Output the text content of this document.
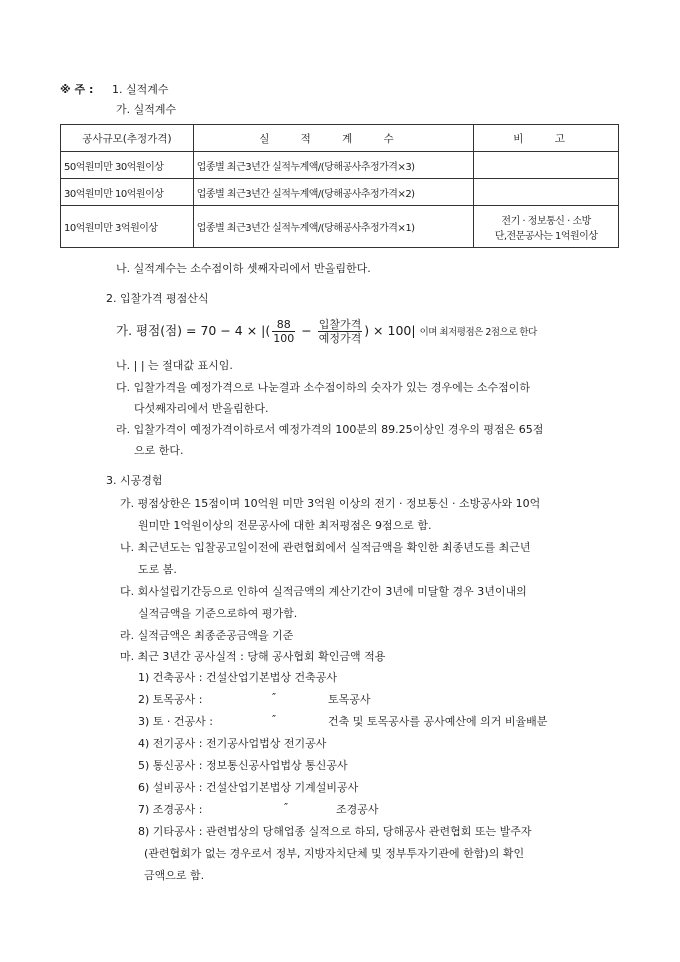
※ 주 : 1. 실적계수
가. 실적계수
공사규모(추정가격)	실 적 계 수	비 고
50억원미만 30억원이상	업종별 최근3년간 실적누계액/(당해공사추정가격×3)	
30억원미만 10억원이상	업종별 최근3년간 실적누계액/(당해공사추정가격×2)	
10억원미만 3억원이상	업종별 최근3년간 실적누계액/(당해공사추정가격×1)	전기 · 정보통신 · 소방
단,전문공사는 1억원이상
나. 실적계수는 소수점이하 셋째자리에서 반올림한다.
2. 입찰가격 평점산식
가. 평점(점) = 70 − 4 × |( $\frac{88}{100} - \frac{\text{입찰가격}}{\text{예정가격}}$ ) × 100| 이며 최저평점은 2점으로 한다
나. | | 는 절대값 표시임.
다. 입찰가격을 예정가격으로 나눈결과 소수점이하의 숫자가 있는 경우에는 소수점이하
다섯째자리에서 반올림한다.
라. 입찰가격이 예정가격이하로서 예정가격의 100분의 89.25이상인 경우의 평점은 65점
으로 한다.
3. 시공경험
가. 평점상한은 15점이며 10억원 미만 3억원 이상의 전기 · 정보통신 · 소방공사와 10억
원미만 1억원이상의 전문공사에 대한 최저평점은 9점으로 함.
나. 최근년도는 입찰공고일이전에 관련협회에서 실적금액을 확인한 최종년도를 최근년
도로 봄.
다. 회사설립기간등으로 인하여 실적금액의 계산기간이 3년에 미달할 경우 3년이내의
실적금액을 기준으로하여 평가함.
라. 실적금액은 최종준공금액을 기준
마. 최근 3년간 공사실적 : 당해 공사협회 확인금액 적용
1) 건축공사 : 건설산업기본법상 건축공사
2) 토목공사 :	″	토목공사
3) 토 · 건공사 :	″	건축 및 토목공사를 공사예산에 의거 비율배분
4) 전기공사 : 전기공사업법상 전기공사
5) 통신공사 : 정보통신공사업법상 통신공사
6) 설비공사 : 건설산업기본법상 기계설비공사
7) 조경공사 :	″	조경공사
8) 기타공사 : 관련법상의 당해업종 실적으로 하되, 당해공사 관련협회 또는 발주자
(관련협회가 없는 경우로서 정부, 지방자치단체 및 정부투자기관에 한함)의 확인
금액으로 함.
